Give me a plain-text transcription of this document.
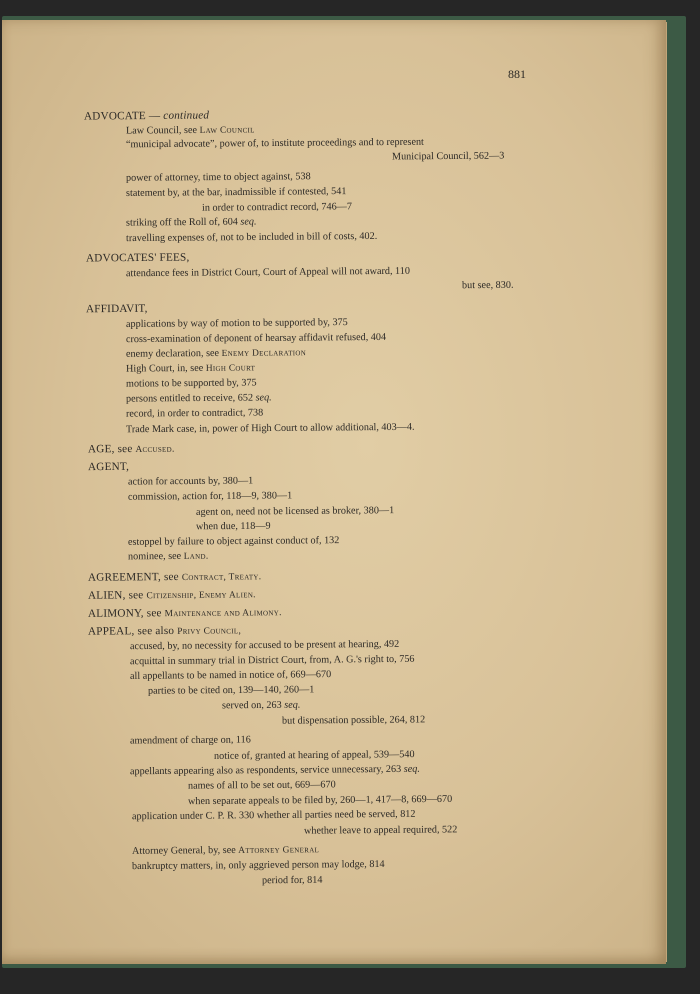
881
ADVOCATE — continued
Law Council, see Law Council
“municipal advocate”, power of, to institute proceedings and to represent
Municipal Council, 562—3
power of attorney, time to object against, 538
statement by, at the bar, inadmissible if contested, 541
in order to contradict record, 746—7
striking off the Roll of, 604 seq.
travelling expenses of, not to be included in bill of costs, 402.
ADVOCATES' FEES,
attendance fees in District Court, Court of Appeal will not award, 110
but see, 830.
AFFIDAVIT,
applications by way of motion to be supported by, 375
cross-examination of deponent of hearsay affidavit refused, 404
enemy declaration, see Enemy Declaration
High Court, in, see High Court
motions to be supported by, 375
persons entitled to receive, 652 seq.
record, in order to contradict, 738
Trade Mark case, in, power of High Court to allow additional, 403—4.
AGE, see Accused.
AGENT,
action for accounts by, 380—1
commission, action for, 118—9, 380—1
agent on, need not be licensed as broker, 380—1
when due, 118—9
estoppel by failure to object against conduct of, 132
nominee, see Land.
AGREEMENT, see Contract, Treaty.
ALIEN, see Citizenship, Enemy Alien.
ALIMONY, see Maintenance and Alimony.
APPEAL, see also Privy Council,
accused, by, no necessity for accused to be present at hearing, 492
acquittal in summary trial in District Court, from, A. G.'s right to, 756
all appellants to be named in notice of, 669—670
parties to be cited on, 139—140, 260—1
served on, 263 seq.
but dispensation possible, 264, 812
amendment of charge on, 116
notice of, granted at hearing of appeal, 539—540
appellants appearing also as respondents, service unnecessary, 263 seq.
names of all to be set out, 669—670
when separate appeals to be filed by, 260—1, 417—8, 669—670
application under C. P. R. 330 whether all parties need be served, 812
whether leave to appeal required, 522
Attorney General, by, see Attorney General
bankruptcy matters, in, only aggrieved person may lodge, 814
period for, 814
